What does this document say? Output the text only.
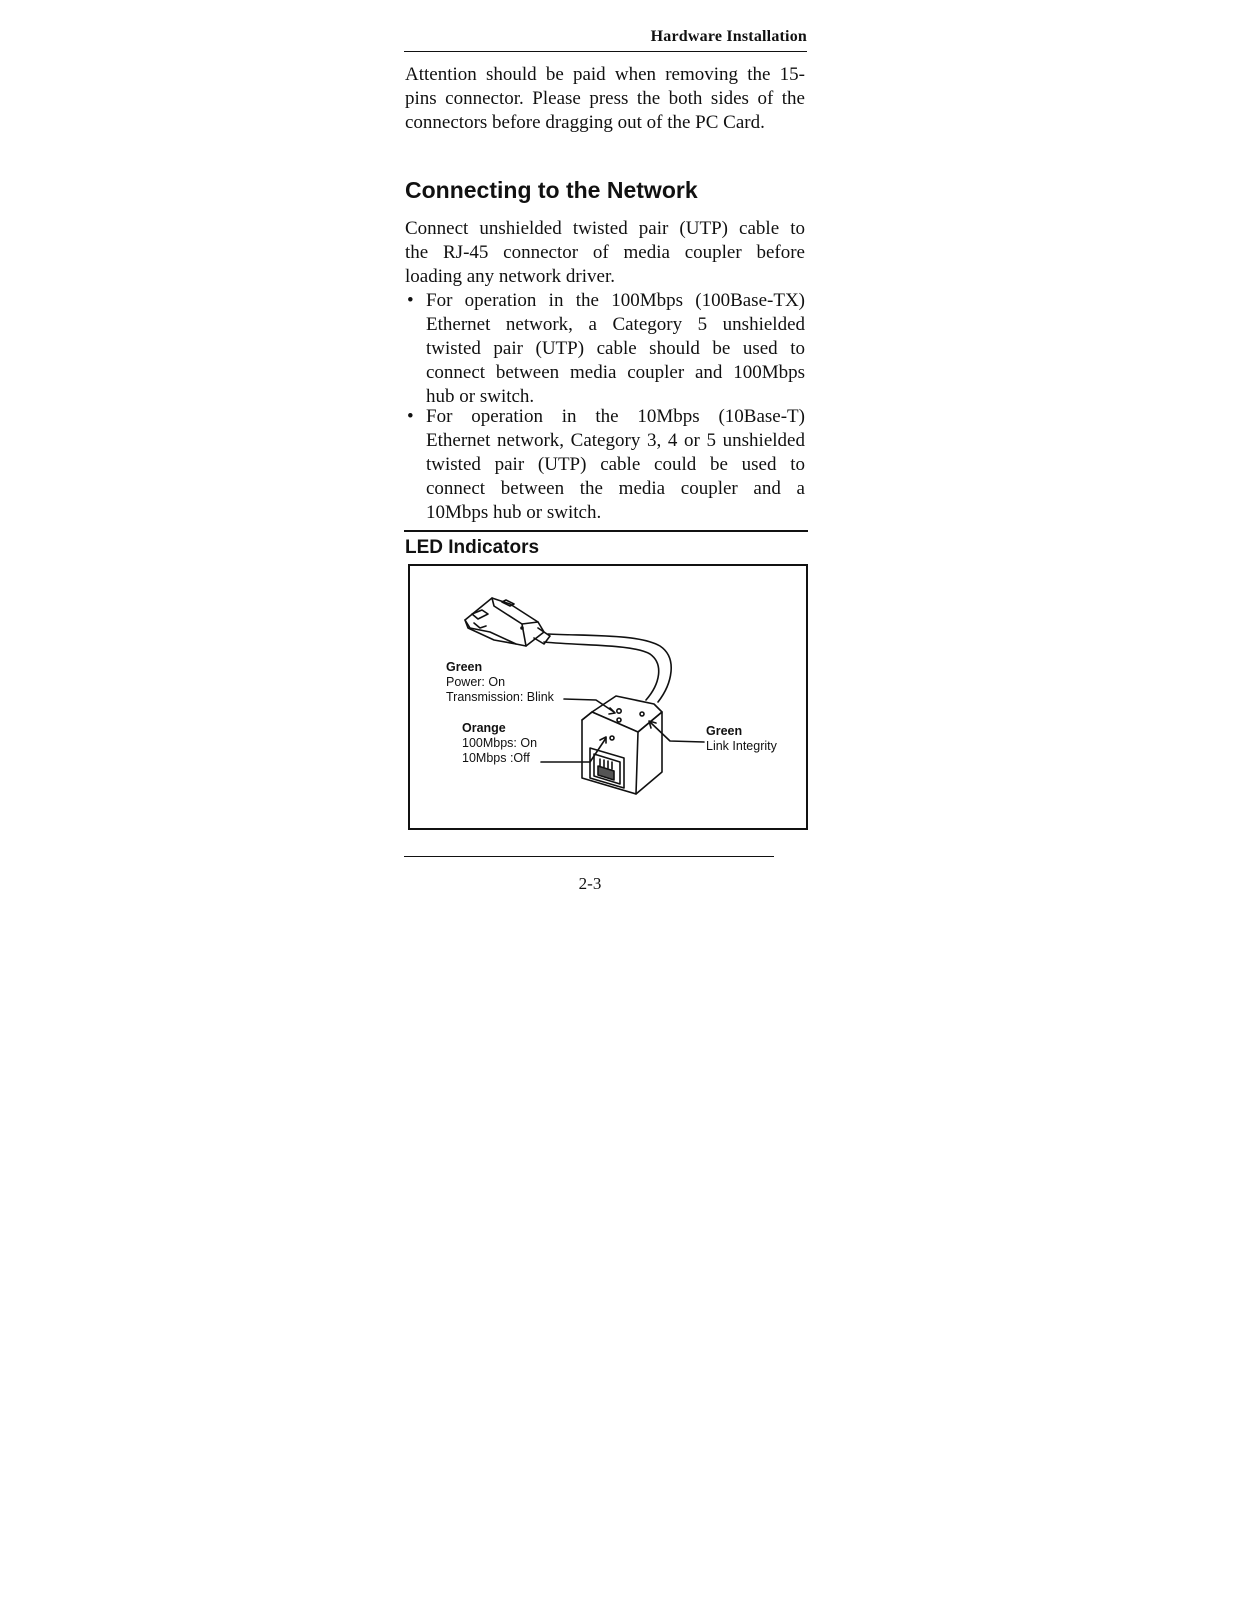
Hardware Installation
Attention should be paid when removing the 15-
pins connector. Please press the both sides of the
connectors before dragging out of the PC Card.
Connecting to the Network
Connect unshielded twisted pair (UTP) cable to
the RJ-45 connector of media coupler before
loading any network driver.
• For operation in the 100Mbps (100Base-TX)
Ethernet network, a Category 5 unshielded
twisted pair (UTP) cable should be used to
connect between media coupler and 100Mbps
hub or switch.
• For operation in the 10Mbps (10Base-T)
Ethernet network, Category 3, 4 or 5 unshielded
twisted pair (UTP) cable could be used to
connect between the media coupler and a
10Mbps hub or switch.
LED Indicators
Green
Power: On
Transmission: Blink
Orange
100Mbps: On
10Mbps :Off
Green
Link Integrity
2-3
